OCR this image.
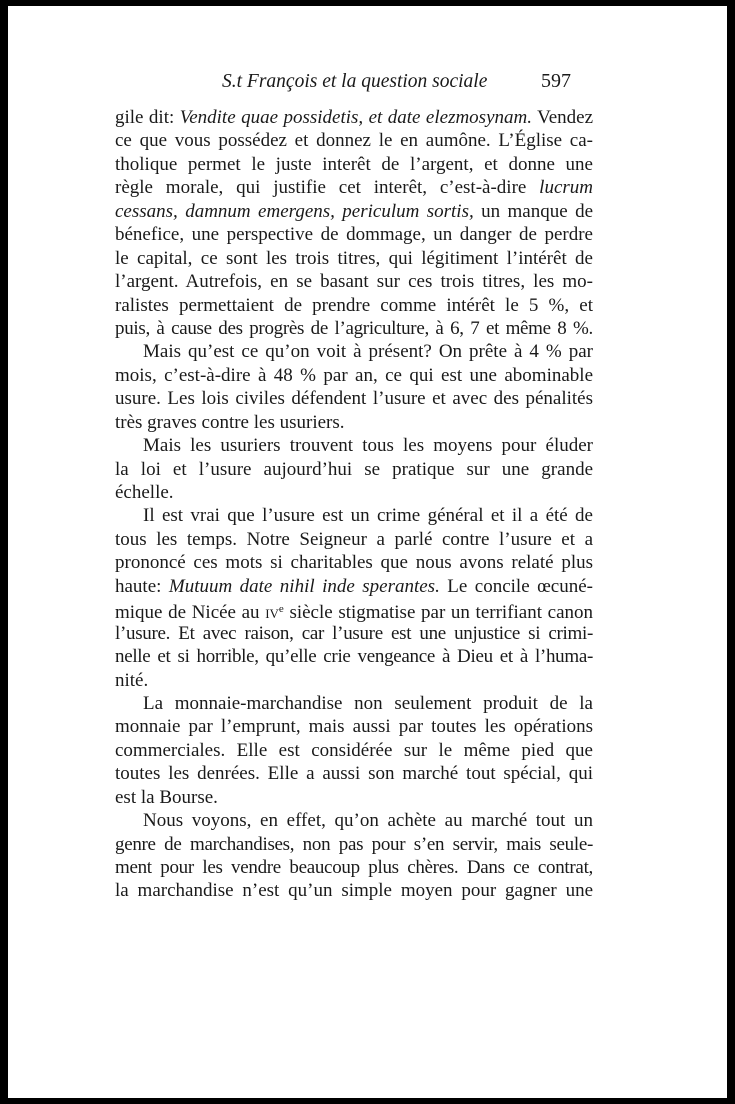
S.t François et la question sociale	597

gile dit: Vendite quae possidetis, et date elezmosynam. Vendez
ce que vous possédez et donnez le en aumône. L’Église ca-
tholique permet le juste interêt de l’argent, et donne une
règle morale, qui justifie cet interêt, c’est-à-dire lucrum
cessans, damnum emergens, periculum sortis, un manque de
bénefice, une perspective de dommage, un danger de perdre
le capital, ce sont les trois titres, qui légitiment l’intérêt de
l’argent. Autrefois, en se basant sur ces trois titres, les mo-
ralistes permettaient de prendre comme intérêt le 5 %, et
puis, à cause des progrès de l’agriculture, à 6, 7 et même 8 %.

Mais qu’est ce qu’on voit à présent? On prête à 4 % par
mois, c’est-à-dire à 48 % par an, ce qui est une abominable
usure. Les lois civiles défendent l’usure et avec des pénalités
très graves contre les usuriers.

Mais les usuriers trouvent tous les moyens pour éluder
la loi et l’usure aujourd’hui se pratique sur une grande
échelle.

Il est vrai que l’usure est un crime général et il a été de
tous les temps. Notre Seigneur a parlé contre l’usure et a
prononcé ces mots si charitables que nous avons relaté plus
haute: Mutuum date nihil inde sperantes. Le concile œcuné-
mique de Nicée au $iv^e$ siècle stigmatise par un terrifiant canon
l’usure. Et avec raison, car l’usure est une unjustice si crimi-
nelle et si horrible, qu’elle crie vengeance à Dieu et à l’huma-
nité.

La monnaie-marchandise non seulement produit de la
monnaie par l’emprunt, mais aussi par toutes les opérations
commerciales. Elle est considérée sur le même pied que
toutes les denrées. Elle a aussi son marché tout spécial, qui
est la Bourse.

Nous voyons, en effet, qu’on achète au marché tout un
genre de marchandises, non pas pour s’en servir, mais seule-
ment pour les vendre beaucoup plus chères. Dans ce contrat,
la marchandise n’est qu’un simple moyen pour gagner une
